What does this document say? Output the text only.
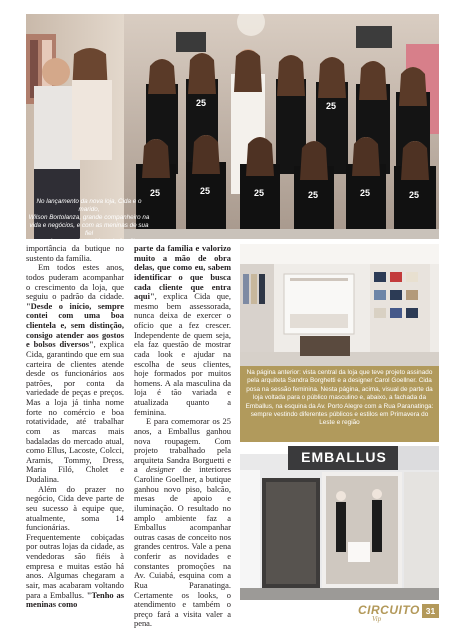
25	25	25	25	25	25
25
25
No lançamento da nova loja, Cida e o marido,
Wilson Bortolanza, grande companheiro na
vida e negócios, e com as meninas de sua fiel
equipe, a qual considera da família

importância da butique no sustento da família.

Em todos estes anos, todos puderam acompanhar o crescimento da loja, que seguiu o padrão da cidade. "Desde o início, sempre contei com uma boa clientela e, sem distinção, consigo atender aos gostos e bolsos diversos", explica Cida, garantindo que em sua carteira de clientes atende desde os funcionários aos patrões, por conta da variedade de peças e preços. Mas a loja já tinha nome forte no comércio e boa rotatividade, até trabalhar com as marcas mais badaladas do mercado atual, como Ellus, Lacoste, Colcci, Aramis, Tommy, Dress, Maria Filó, Cholet e Dudalina.

Além do prazer no negócio, Cida deve parte de seu sucesso à equipe que, atualmente, soma 14 funcionárias. Frequentemente cobiçadas por outras lojas da cidade, as vendedoras são fiéis à empresa e muitas estão há anos. Algumas chegaram a sair, mas acabaram voltando para a Emballus. "Tenho as meninas como

parte da família e valorizo muito a mão de obra delas, que como eu, sabem identificar o que busca cada cliente que entra aqui", explica Cida que, mesmo bem assessorada, nunca deixa de exercer o ofício que a fez crescer. Independente de quem seja, ela faz questão de mostrar cada look e ajudar na escolha de seus clientes, hoje formados por muitos homens. A ala masculina da loja é tão variada e atualizada quanto a feminina.

E para comemorar os 25 anos, a Emballus ganhou nova roupagem. Com projeto trabalhado pela arquiteta Sandra Borguetti e a designer de interiores Caroline Goellner, a butique ganhou novo piso, balcão, mesas de apoio e iluminação. O resultado no amplo ambiente faz a Emballus acompanhar outras casas de conceito nos grandes centros. Vale a pena conferir as novidades e constantes promoções na Av. Cuiabá, esquina com a Rua Paranatinga. Certamente os looks, o atendimento e também o preço fará a visita valer a pena.

Na página anterior: vista central da loja que teve projeto assinado pela arquiteta Sandra Borghetti e a designer Carol Goellner. Cida posa na sessão feminina. Nesta página, acima, visual de parte da loja voltada para o público masculino e, abaixo, a fachada da Emballus, na esquina da Av. Porto Alegre com a Rua Paranatinga: sempre vestindo diferentes públicos e estilos em Primavera do Leste e região
EMBALLUS
CIRCUITO
Vip
31
